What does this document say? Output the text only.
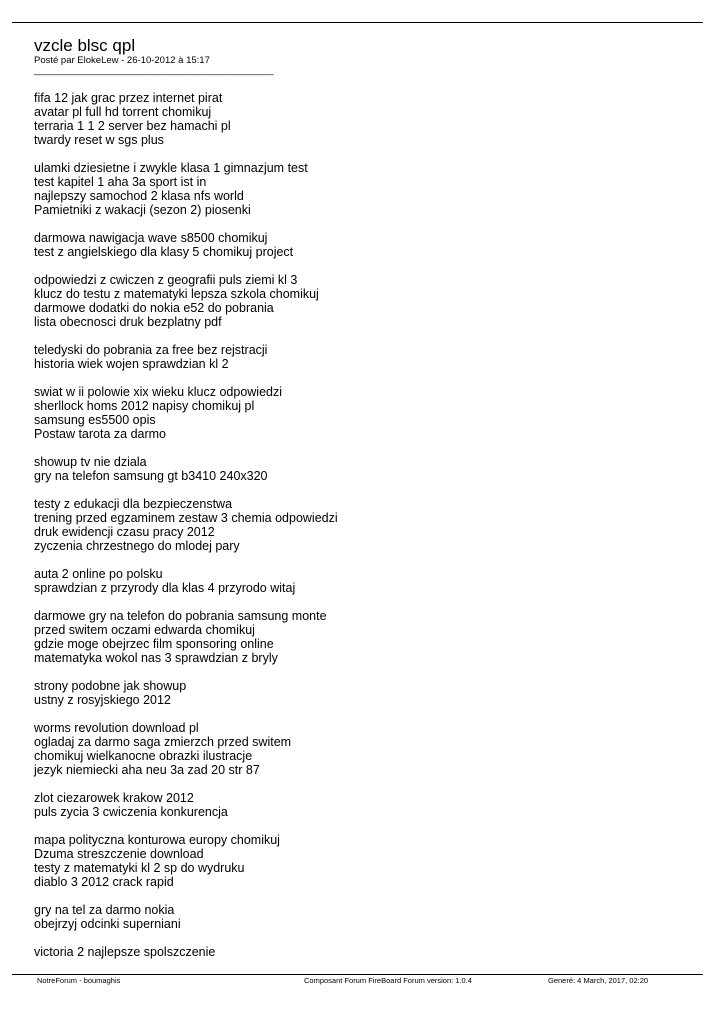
vzcle blsc qpl
Posté par ElokeLew - 26-10-2012 à 15:17
________________________________________________
fifa 12 jak grac przez internet pirat
avatar pl full hd torrent chomikuj
terraria 1 1 2 server bez hamachi pl
twardy reset w sgs plus
ulamki dziesietne i zwykle klasa 1 gimnazjum test
test kapitel 1 aha 3a sport ist in
najlepszy samochod 2 klasa nfs world
Pamietniki z wakacji (sezon 2) piosenki
darmowa nawigacja wave s8500 chomikuj
test z angielskiego dla klasy 5 chomikuj project
odpowiedzi z cwiczen z geografii puls ziemi kl 3
klucz do testu z matematyki lepsza szkola chomikuj
darmowe dodatki do nokia e52 do pobrania
lista obecnosci druk bezplatny pdf
teledyski do pobrania za free bez rejstracji
historia wiek wojen sprawdzian kl 2
swiat w ii polowie xix wieku klucz odpowiedzi
sherllock homs 2012 napisy chomikuj pl
samsung es5500 opis
Postaw tarota za darmo
showup tv nie dziala
gry na telefon samsung gt b3410 240x320
testy z edukacji dla bezpieczenstwa
trening przed egzaminem zestaw 3 chemia odpowiedzi
druk ewidencji czasu pracy 2012
zyczenia chrzestnego do mlodej pary
auta 2 online po polsku
sprawdzian z przyrody dla klas 4 przyrodo witaj
darmowe gry na telefon do pobrania samsung monte
przed switem oczami edwarda chomikuj
gdzie moge obejrzec film sponsoring online
matematyka wokol nas 3 sprawdzian z bryly
strony podobne jak showup
ustny z rosyjskiego 2012
worms revolution download pl
ogladaj za darmo saga zmierzch przed switem
chomikuj wielkanocne obrazki ilustracje
jezyk niemiecki aha neu 3a zad 20 str 87
zlot ciezarowek krakow 2012
puls zycia 3 cwiczenia konkurencja
mapa polityczna konturowa europy chomikuj
Dzuma streszczenie download
testy z matematyki kl 2 sp do wydruku
diablo 3 2012 crack rapid
gry na tel za darmo nokia
obejrzyj odcinki superniani
victoria 2 najlepsze spolszczenie
NotreForum - boumaghis	Composant Forum FireBoard Forum version: 1.0.4	Generé: 4 March, 2017, 02:20
